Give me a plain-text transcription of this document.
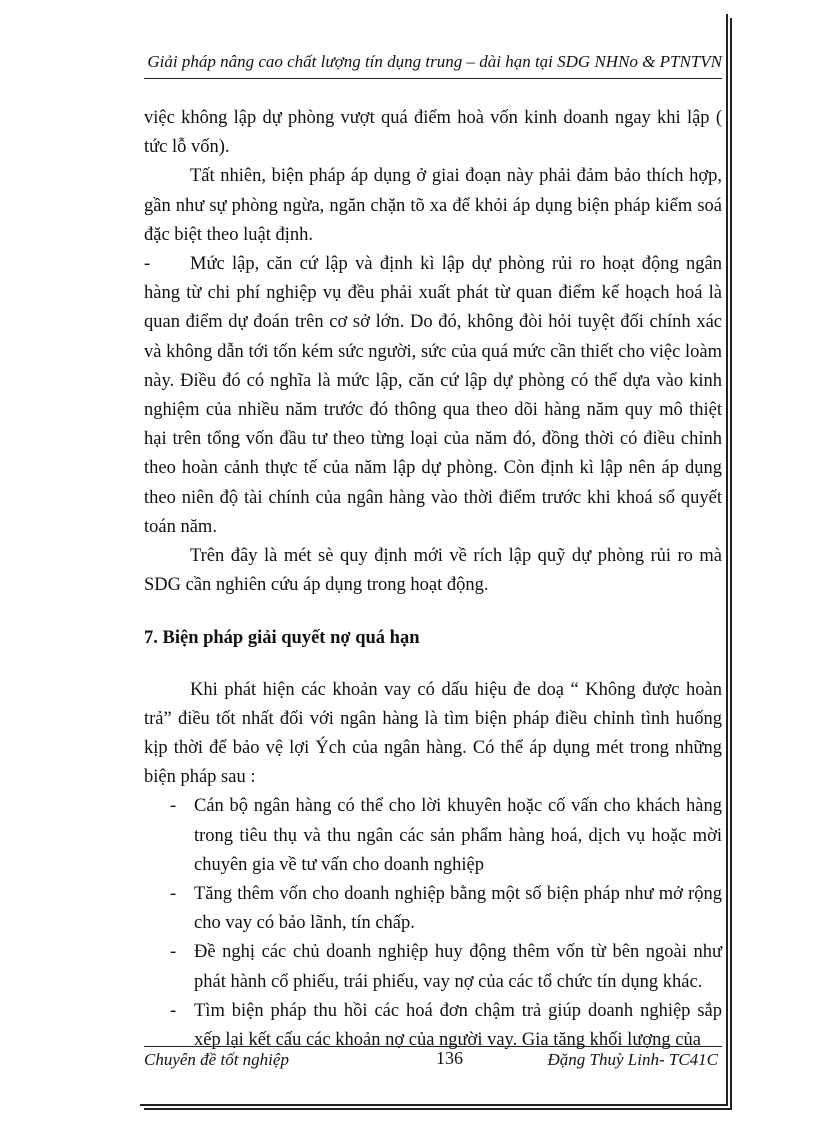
Giải pháp nâng cao chất lượng tín dụng trung – dài hạn tại SDG NHNo & PTNTVN

việc không lập dự phòng vượt quá điểm hoà vốn kinh doanh ngay khi lập ( tức lỗ vốn).

Tất nhiên, biện pháp áp dụng ở giai đoạn này phải đảm bảo thích hợp, gần như sự phòng ngừa, ngăn chặn tõ xa để khỏi áp dụng biện pháp kiểm soá đặc biệt theo luật định.

- Mức lập, căn cứ lập và định kì lập dự phòng rủi ro hoạt động ngân hàng từ chi phí nghiệp vụ đều phải xuất phát từ quan điểm kế hoạch hoá là quan điểm dự đoán trên cơ sở lớn. Do đó, không đòi hỏi tuyệt đối chính xác và không dẫn tới tốn kém sức người, sức của quá mức cần thiết cho việc loàm này. Điều đó có nghĩa là mức lập, căn cứ lập dự phòng có thể dựa vào kinh nghiệm của nhiều năm trước đó thông qua theo dõi hàng năm quy mô thiệt hại trên tổng vốn đầu tư theo từng loại của năm đó, đồng thời có điều chỉnh theo hoàn cảnh thực tế của năm lập dự phòng. Còn định kì lập nên áp dụng theo niên độ tài chính của ngân hàng vào thời điểm trước khi khoá sổ quyết toán năm.

Trên đây là mét sè quy định mới về rích lập quỹ dự phòng rủi ro mà SDG cần nghiên cứu áp dụng trong hoạt động.

7. Biện pháp giải quyết nợ quá hạn

Khi phát hiện các khoản vay có dấu hiệu đe doạ “ Không được hoàn trả” điều tốt nhất đối với ngân hàng là tìm biện pháp điều chỉnh tình huống kịp thời để bảo vệ lợi Ých của ngân hàng. Có thể áp dụng mét trong những biện pháp sau :

- Cán bộ ngân hàng có thể cho lời khuyên hoặc cố vấn cho khách hàng trong tiêu thụ và thu ngân các sản phẩm hàng hoá, dịch vụ hoặc mời chuyên gia về tư vấn cho doanh nghiệp
- Tăng thêm vốn cho doanh nghiệp bằng một số biện pháp như mở rộng cho vay có bảo lãnh, tín chấp.
- Đề nghị các chủ doanh nghiệp huy động thêm vốn từ bên ngoài như phát hành cổ phiếu, trái phiếu, vay nợ của các tổ chức tín dụng khác.
- Tìm biện pháp thu hồi các hoá đơn chậm trả giúp doanh nghiệp sắp xếp lại kết cấu các khoản nợ của người vay. Gia tăng khối lượng của
Chuyên đề tốt nghiệp	136	Đặng Thuỳ Linh- TC41C
